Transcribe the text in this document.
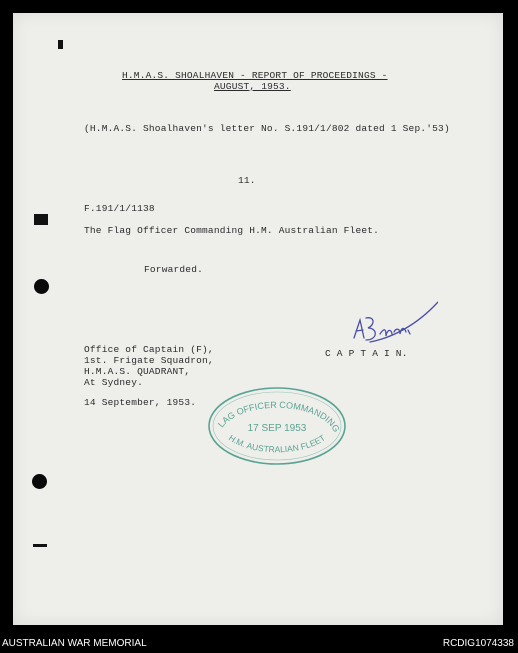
H.M.A.S. SHOALHAVEN - REPORT OF PROCEEDINGS -
AUGUST, 1953.
(H.M.A.S. Shoalhaven's letter No. S.191/1/802 dated 1 Sep.'53)
11.
F.191/1/1138
The Flag Officer Commanding H.M. Australian Fleet.
Forwarded.
Office of Captain (F),
1st. Frigate Squadron,
H.M.A.S. QUADRANT,
At Sydney.
14 September, 1953.
C A P T A I N.
LAG OFFICER COMMANDING
17 SEP 1953
H.M. AUSTRALIAN FLEET
AUSTRALIAN WAR MEMORIAL	RCDIG1074338
